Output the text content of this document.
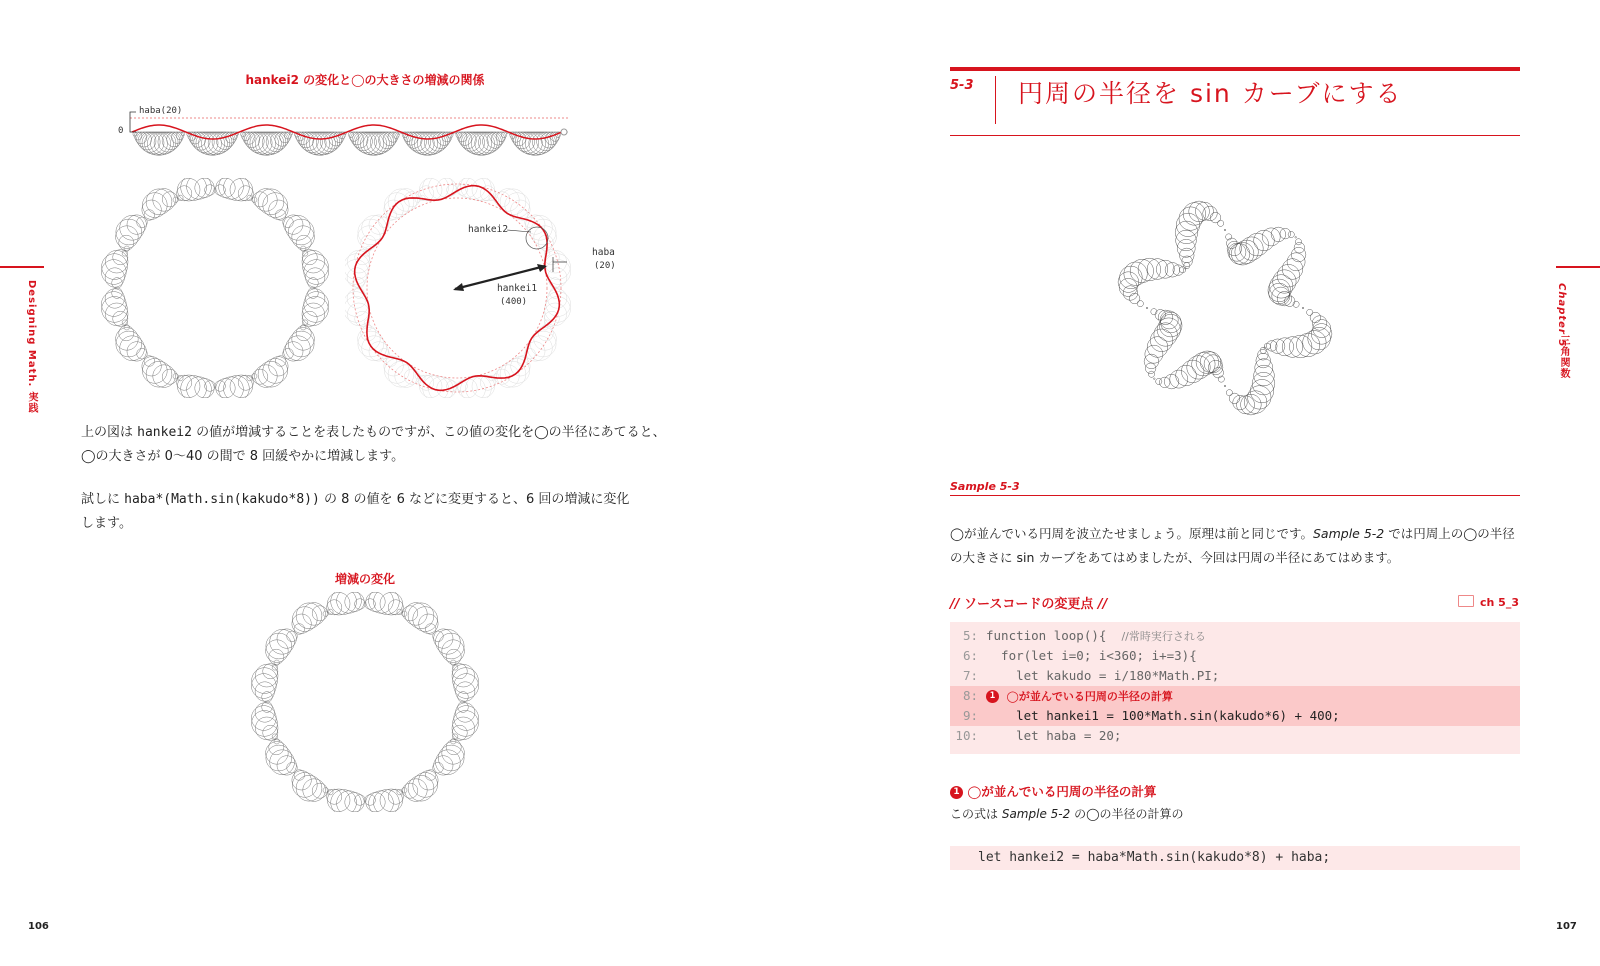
hankei2 の変化と◯の大きさの増減の関係
haba(20)
0
hankei2
haba
(20)
hankei1
(400)
上の図は hankei2 の値が増減することを表したものですが、この値の変化を◯の半径にあてると、
◯の大きさが 0〜40 の間で 8 回緩やかに増減します。
試しに haba*(Math.sin(kakudo*8)) の 8 の値を 6 などに変更すると、6 回の増減に変化
します。
増減の変化
Designing Math. 実践
106
5-3 円周の半径を sin カーブにする
Sample 5-3
◯が並んでいる円周を波立たせましょう。原理は前と同じです。Sample 5-2 では円周上の◯の半径
の大きさに sin カーブをあてはめましたが、今回は円周の半径にあてはめます。
// ソースコードの変更点 //	ch 5_3
5: function loop(){  //常時実行される
6:  for(let i=0; i<360; i+=3){
7:    let kakudo = i/180*Math.PI;
8: 1 ◯が並んでいる円周の半径の計算
9:    let hankei1 = 100*Math.sin(kakudo*6) + 400;
10:    let haba = 20;
1 ◯が並んでいる円周の半径の計算
この式は Sample 5-2 の◯の半径の計算の
let hankei2 = haba*Math.sin(kakudo*8) + haba;
Chapter 5
三角関数
107
